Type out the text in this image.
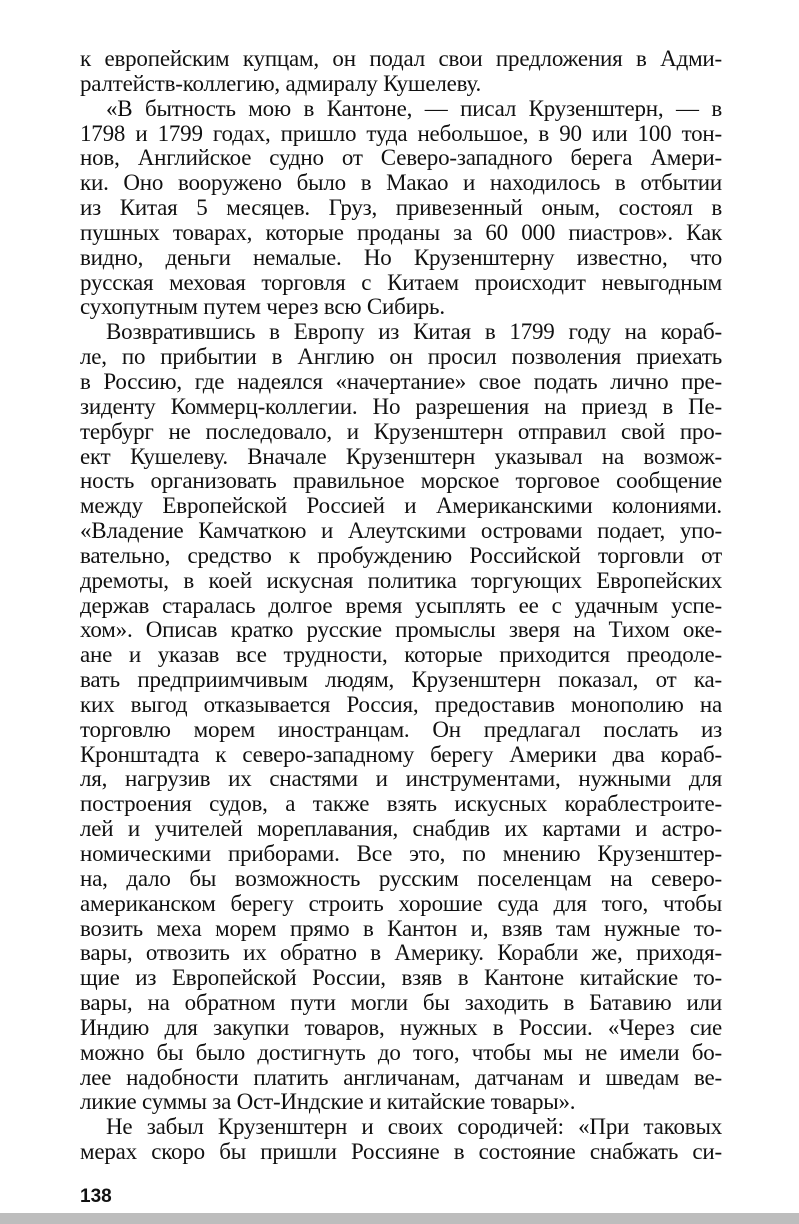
к европейским купцам, он подал свои предложения в Адми-
ралтейств-коллегию, адмиралу Кушелеву.
«В бытность мою в Кантоне, — писал Крузенштерн, — в
1798 и 1799 годах, пришло туда небольшое, в 90 или 100 тон-
нов, Английское судно от Северо-западного берега Амери-
ки. Оно вооружено было в Макао и находилось в отбытии
из Китая 5 месяцев. Груз, привезенный оным, состоял в
пушных товарах, которые проданы за 60 000 пиастров». Как
видно, деньги немалые. Но Крузенштерну известно, что
русская меховая торговля с Китаем происходит невыгодным
сухопутным путем через всю Сибирь.
Возвратившись в Европу из Китая в 1799 году на кораб-
ле, по прибытии в Англию он просил позволения приехать
в Россию, где надеялся «начертание» свое подать лично пре-
зиденту Коммерц-коллегии. Но разрешения на приезд в Пе-
тербург не последовало, и Крузенштерн отправил свой про-
ект Кушелеву. Вначале Крузенштерн указывал на возмож-
ность организовать правильное морское торговое сообщение
между Европейской Россией и Американскими колониями.
«Владение Камчаткою и Алеутскими островами подает, упо-
вательно, средство к пробуждению Российской торговли от
дремоты, в коей искусная политика торгующих Европейских
держав старалась долгое время усыплять ее с удачным успе-
хом». Описав кратко русские промыслы зверя на Тихом оке-
ане и указав все трудности, которые приходится преодоле-
вать предприимчивым людям, Крузенштерн показал, от ка-
ких выгод отказывается Россия, предоставив монополию на
торговлю морем иностранцам. Он предлагал послать из
Кронштадта к северо-западному берегу Америки два кораб-
ля, нагрузив их снастями и инструментами, нужными для
построения судов, а также взять искусных кораблестроите-
лей и учителей мореплавания, снабдив их картами и астро-
номическими приборами. Все это, по мнению Крузенштер-
на, дало бы возможность русским поселенцам на северо-
американском берегу строить хорошие суда для того, чтобы
возить меха морем прямо в Кантон и, взяв там нужные то-
вары, отвозить их обратно в Америку. Корабли же, приходя-
щие из Европейской России, взяв в Кантоне китайские то-
вары, на обратном пути могли бы заходить в Батавию или
Индию для закупки товаров, нужных в России. «Через сие
можно бы было достигнуть до того, чтобы мы не имели бо-
лее надобности платить англичанам, датчанам и шведам ве-
ликие суммы за Ост-Индские и китайские товары».
Не забыл Крузенштерн и своих сородичей: «При таковых
мерах скоро бы пришли Россияне в состояние снабжать си-
138
